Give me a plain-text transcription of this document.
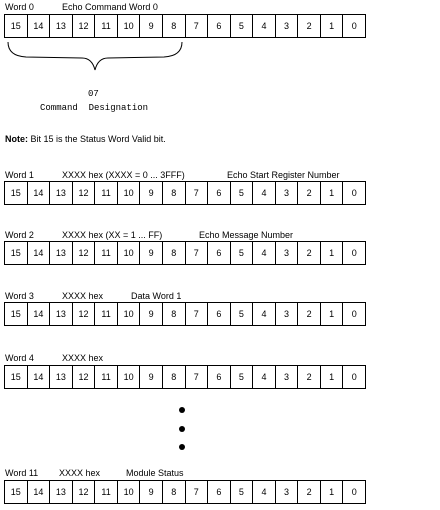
Word 0	Echo Command Word 0
15	14	13	12	11	10	9	8	7	6	5	4	3	2	1	0
07
Command  Designation
Note: Bit 15 is the Status Word Valid bit.
Word 1	XXXX hex (XXXX = 0 ... 3FFF)	Echo Start Register Number
15	14	13	12	11	10	9	8	7	6	5	4	3	2	1	0
Word 2	XXXX hex (XX = 1 ... FF)	Echo Message Number
15	14	13	12	11	10	9	8	7	6	5	4	3	2	1	0
Word 3	XXXX hex	Data Word 1
15	14	13	12	11	10	9	8	7	6	5	4	3	2	1	0
Word 4	XXXX hex
15	14	13	12	11	10	9	8	7	6	5	4	3	2	1	0
Word 11 XXXX hex	Module Status
15	14	13	12	11	10	9	8	7	6	5	4	3	2	1	0
